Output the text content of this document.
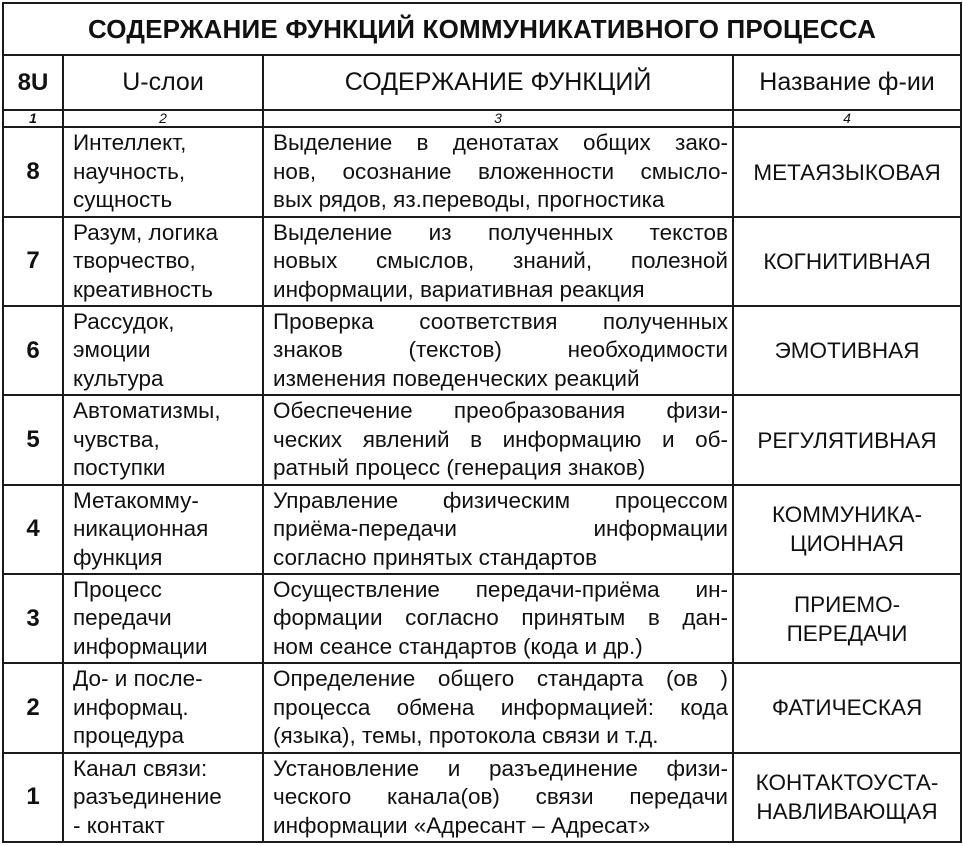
СОДЕРЖАНИЕ ФУНКЦИЙ КОММУНИКАТИВНОГО ПРОЦЕССА			
8U	U-слои	СОДЕРЖАНИЕ ФУНКЦИЙ	Название ф-ии
1	2	3	4
8	Интеллект,
научность,
сущность	Выделение в денотатах общих зако-
нов, осознание вложенности смысло-
вых рядов, яз.переводы, прогностика	МЕТАЯЗЫКОВАЯ

7	Разум, логика
творчество,
креативность	Выделение из полученных текстов
новых смыслов, знаний, полезной
информации, вариативная реакция	КОГНИТИВНАЯ

6	Рассудок,
эмоции
культура	Проверка соответствия полученных
знаков (текстов) необходимости
изменения поведенческих реакций	ЭМОТИВНАЯ

5	Автоматизмы,
чувства,
поступки	Обеспечение преобразования физи-
ческих явлений в информацию и об-
ратный процесс (генерация знаков)	РЕГУЛЯТИВНАЯ

4	Метакомму-
никационная
функция	Управление физическим процессом
приёма-передачи информации
согласно принятых стандартов	КОММУНИКА-
ЦИОННАЯ

3	Процесс
передачи
информации	Осуществление передачи-приёма ин-
формации согласно принятым в дан-
ном сеансе стандартов (кода и др.)	ПРИЕМО-
ПЕРЕДАЧИ

2	До- и после-
информац.
процедура	Определение общего стандарта (ов )
процесса обмена информацией: кода
(языка), темы, протокола связи и т.д.	ФАТИЧЕСКАЯ

1	Канал связи:
разъединение
- контакт	Установление и разъединение физи-
ческого канала(ов) связи передачи
информации «Адресант – Адресат»	КОНТАКТОУСТА-
НАВЛИВАЮЩАЯ
